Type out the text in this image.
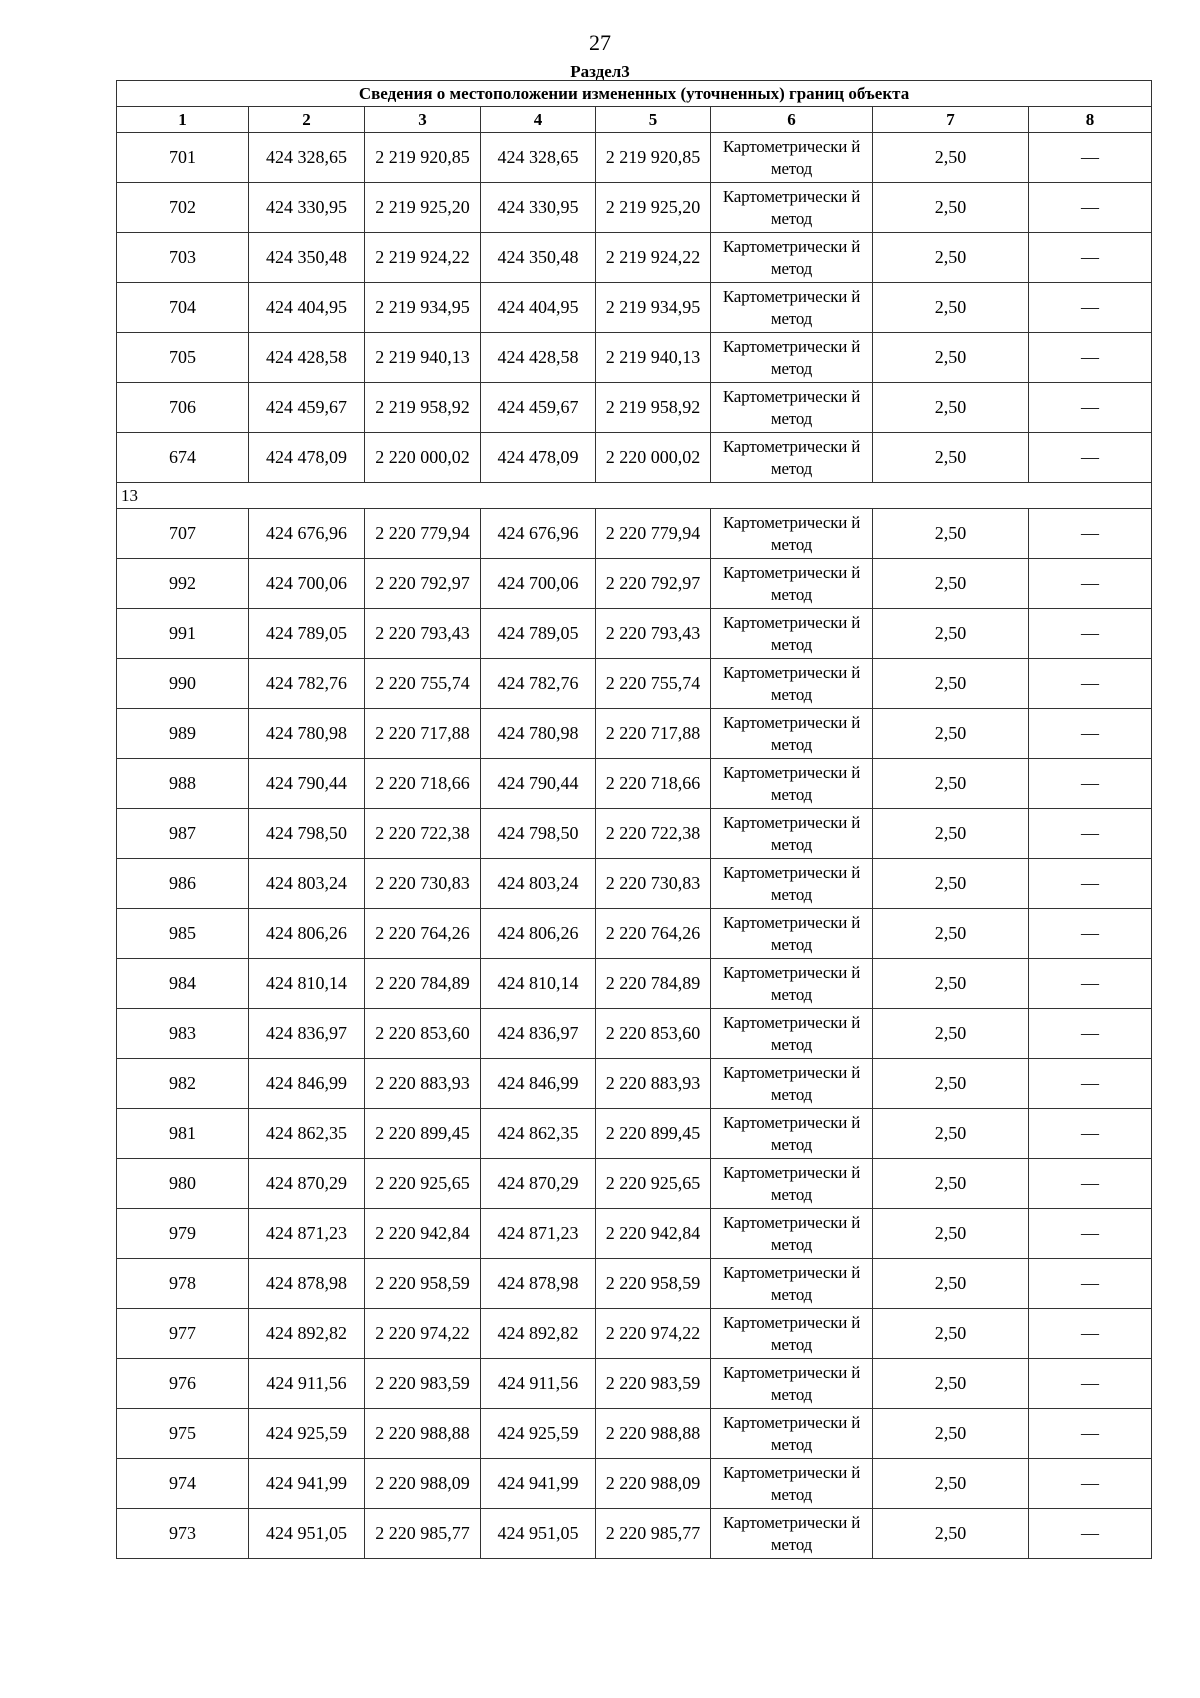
27
Раздел3
Сведения о местоположении измененных (уточненных) границ объекта							
1	2	3	4	5	6	7	8
701	424 328,65	2 219 920,85	424 328,65	2 219 920,85	Картометрически й метод	2,50	—
702	424 330,95	2 219 925,20	424 330,95	2 219 925,20	Картометрически й метод	2,50	—
703	424 350,48	2 219 924,22	424 350,48	2 219 924,22	Картометрически й метод	2,50	—
704	424 404,95	2 219 934,95	424 404,95	2 219 934,95	Картометрически й метод	2,50	—
705	424 428,58	2 219 940,13	424 428,58	2 219 940,13	Картометрически й метод	2,50	—
706	424 459,67	2 219 958,92	424 459,67	2 219 958,92	Картометрически й метод	2,50	—
674	424 478,09	2 220 000,02	424 478,09	2 220 000,02	Картометрически й метод	2,50	—
13							
707	424 676,96	2 220 779,94	424 676,96	2 220 779,94	Картометрически й метод	2,50	—
992	424 700,06	2 220 792,97	424 700,06	2 220 792,97	Картометрически й метод	2,50	—
991	424 789,05	2 220 793,43	424 789,05	2 220 793,43	Картометрически й метод	2,50	—
990	424 782,76	2 220 755,74	424 782,76	2 220 755,74	Картометрически й метод	2,50	—
989	424 780,98	2 220 717,88	424 780,98	2 220 717,88	Картометрически й метод	2,50	—
988	424 790,44	2 220 718,66	424 790,44	2 220 718,66	Картометрически й метод	2,50	—
987	424 798,50	2 220 722,38	424 798,50	2 220 722,38	Картометрически й метод	2,50	—
986	424 803,24	2 220 730,83	424 803,24	2 220 730,83	Картометрически й метод	2,50	—
985	424 806,26	2 220 764,26	424 806,26	2 220 764,26	Картометрически й метод	2,50	—
984	424 810,14	2 220 784,89	424 810,14	2 220 784,89	Картометрически й метод	2,50	—
983	424 836,97	2 220 853,60	424 836,97	2 220 853,60	Картометрически й метод	2,50	—
982	424 846,99	2 220 883,93	424 846,99	2 220 883,93	Картометрически й метод	2,50	—
981	424 862,35	2 220 899,45	424 862,35	2 220 899,45	Картометрически й метод	2,50	—
980	424 870,29	2 220 925,65	424 870,29	2 220 925,65	Картометрически й метод	2,50	—
979	424 871,23	2 220 942,84	424 871,23	2 220 942,84	Картометрически й метод	2,50	—
978	424 878,98	2 220 958,59	424 878,98	2 220 958,59	Картометрически й метод	2,50	—
977	424 892,82	2 220 974,22	424 892,82	2 220 974,22	Картометрически й метод	2,50	—
976	424 911,56	2 220 983,59	424 911,56	2 220 983,59	Картометрически й метод	2,50	—
975	424 925,59	2 220 988,88	424 925,59	2 220 988,88	Картометрически й метод	2,50	—
974	424 941,99	2 220 988,09	424 941,99	2 220 988,09	Картометрически й метод	2,50	—
973	424 951,05	2 220 985,77	424 951,05	2 220 985,77	Картометрически й метод	2,50	—
